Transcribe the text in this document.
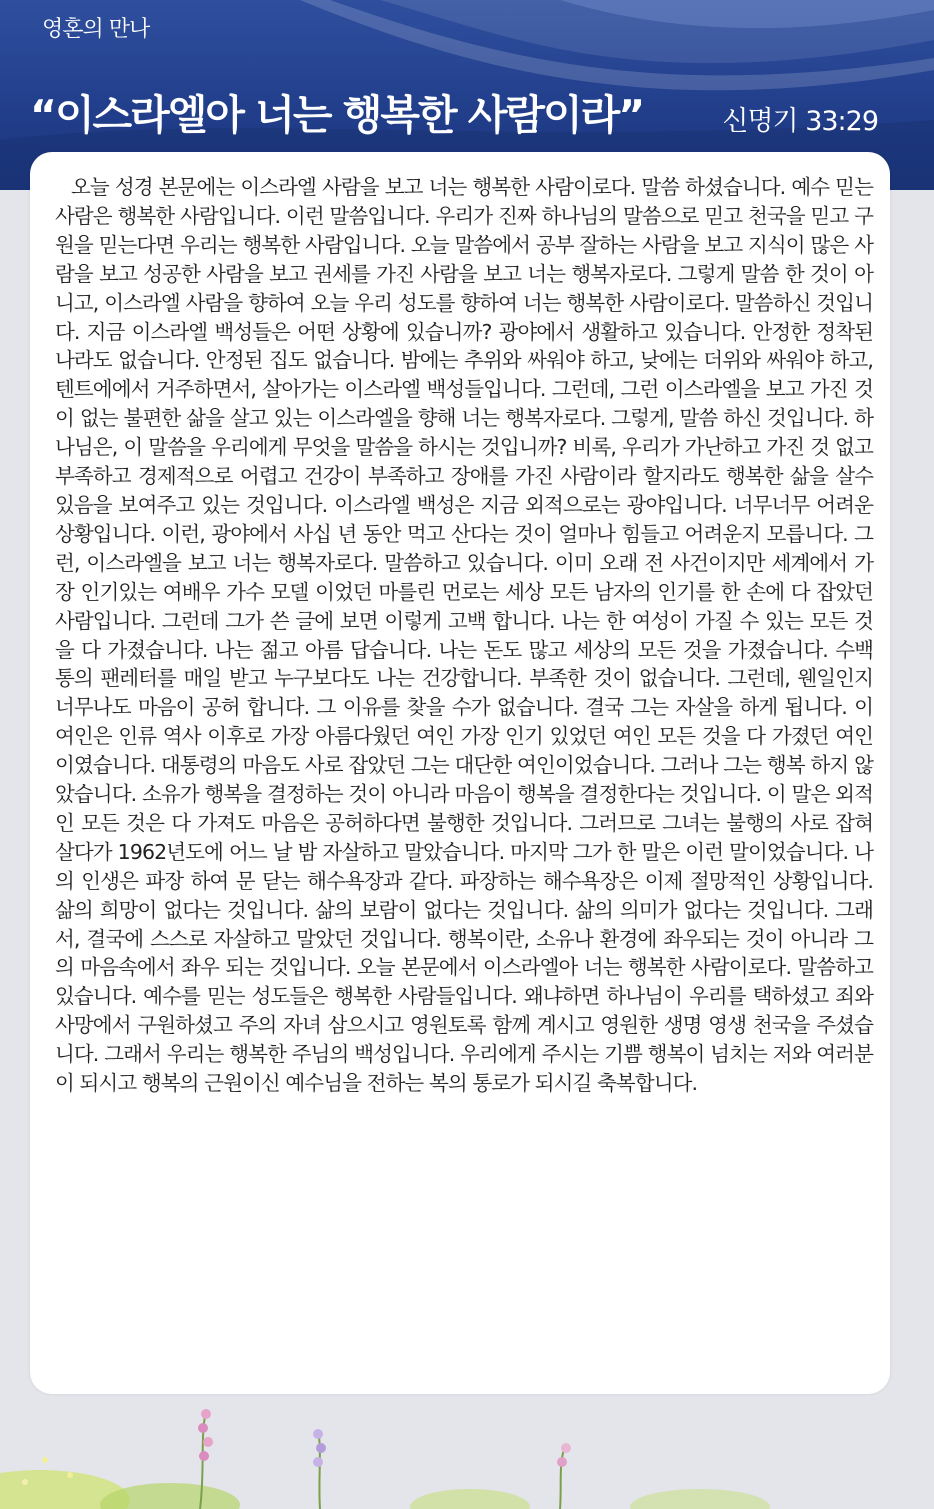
영혼의 만나
“이스라엘아 너는 행복한 사람이라”	신명기 33:29

오늘 성경 본문에는 이스라엘 사람을 보고 너는 행복한 사람이로다. 말씀 하셨습니다. 예수 믿는 사람은 행복한 사람입니다. 이런 말씀입니다. 우리가 진짜 하나님의 말씀으로 믿고 천국을 믿고 구원을 믿는다면 우리는 행복한 사람입니다. 오늘 말씀에서 공부 잘하는 사람을 보고 지식이 많은 사람을 보고 성공한 사람을 보고 권세를 가진 사람을 보고 너는 행복자로다. 그렇게 말씀 한 것이 아니고, 이스라엘 사람을 향하여 오늘 우리 성도를 향하여 너는 행복한 사람이로다. 말씀하신 것입니다. 지금 이스라엘 백성들은 어떤 상황에 있습니까? 광야에서 생활하고 있습니다. 안정한 정착된 나라도 없습니다. 안정된 집도 없습니다. 밤에는 추위와 싸워야 하고, 낮에는 더위와 싸워야 하고, 텐트에에서 거주하면서, 살아가는 이스라엘 백성들입니다. 그런데, 그런 이스라엘을 보고 가진 것이 없는 불편한 삶을 살고 있는 이스라엘을 향해 너는 행복자로다. 그렇게, 말씀 하신 것입니다. 하나님은, 이 말씀을 우리에게 무엇을 말씀을 하시는 것입니까? 비록, 우리가 가난하고 가진 것 없고 부족하고 경제적으로 어렵고 건강이 부족하고 장애를 가진 사람이라 할지라도 행복한 삶을 살수 있음을 보여주고 있는 것입니다. 이스라엘 백성은 지금 외적으로는 광야입니다. 너무너무 어려운 상황입니다. 이런, 광야에서 사십 년 동안 먹고 산다는 것이 얼마나 힘들고 어려운지 모릅니다. 그런, 이스라엘을 보고 너는 행복자로다. 말씀하고 있습니다. 이미 오래 전 사건이지만 세계에서 가장 인기있는 여배우 가수 모델 이었던 마를린 먼로는 세상 모든 남자의 인기를 한 손에 다 잡았던 사람입니다. 그런데 그가 쓴 글에 보면 이렇게 고백 합니다. 나는 한 여성이 가질 수 있는 모든 것을 다 가졌습니다. 나는 젊고 아름 답습니다. 나는 돈도 많고 세상의 모든 것을 가졌습니다. 수백 통의 팬레터를 매일 받고 누구보다도 나는 건강합니다. 부족한 것이 없습니다. 그런데, 웬일인지 너무나도 마음이 공허 합니다. 그 이유를 찾을 수가 없습니다. 결국 그는 자살을 하게 됩니다. 이 여인은 인류 역사 이후로 가장 아름다웠던 여인 가장 인기 있었던 여인 모든 것을 다 가졌던 여인이였습니다. 대통령의 마음도 사로 잡았던 그는 대단한 여인이었습니다. 그러나 그는 행복 하지 않았습니다. 소유가 행복을 결정하는 것이 아니라 마음이 행복을 결정한다는 것입니다. 이 말은 외적인 모든 것은 다 가져도 마음은 공허하다면 불행한 것입니다. 그러므로 그녀는 불행의 사로 잡혀 살다가 1962년도에 어느 날 밤 자살하고 말았습니다. 마지막 그가 한 말은 이런 말이었습니다. 나의 인생은 파장 하여 문 닫는 해수욕장과 같다. 파장하는 해수욕장은 이제 절망적인 상황입니다. 삶의 희망이 없다는 것입니다. 삶의 보람이 없다는 것입니다. 삶의 의미가 없다는 것입니다. 그래서, 결국에 스스로 자살하고 말았던 것입니다. 행복이란, 소유나 환경에 좌우되는 것이 아니라 그의 마음속에서 좌우 되는 것입니다. 오늘 본문에서 이스라엘아 너는 행복한 사람이로다. 말씀하고 있습니다. 예수를 믿는 성도들은 행복한 사람들입니다. 왜냐하면 하나님이 우리를 택하셨고 죄와 사망에서 구원하셨고 주의 자녀 삼으시고 영원토록 함께 계시고 영원한 생명 영생 천국을 주셨습니다. 그래서 우리는 행복한 주님의 백성입니다. 우리에게 주시는 기쁨 행복이 넘치는 저와 여러분이 되시고 행복의 근원이신 예수님을 전하는 복의 통로가 되시길 축복합니다.
